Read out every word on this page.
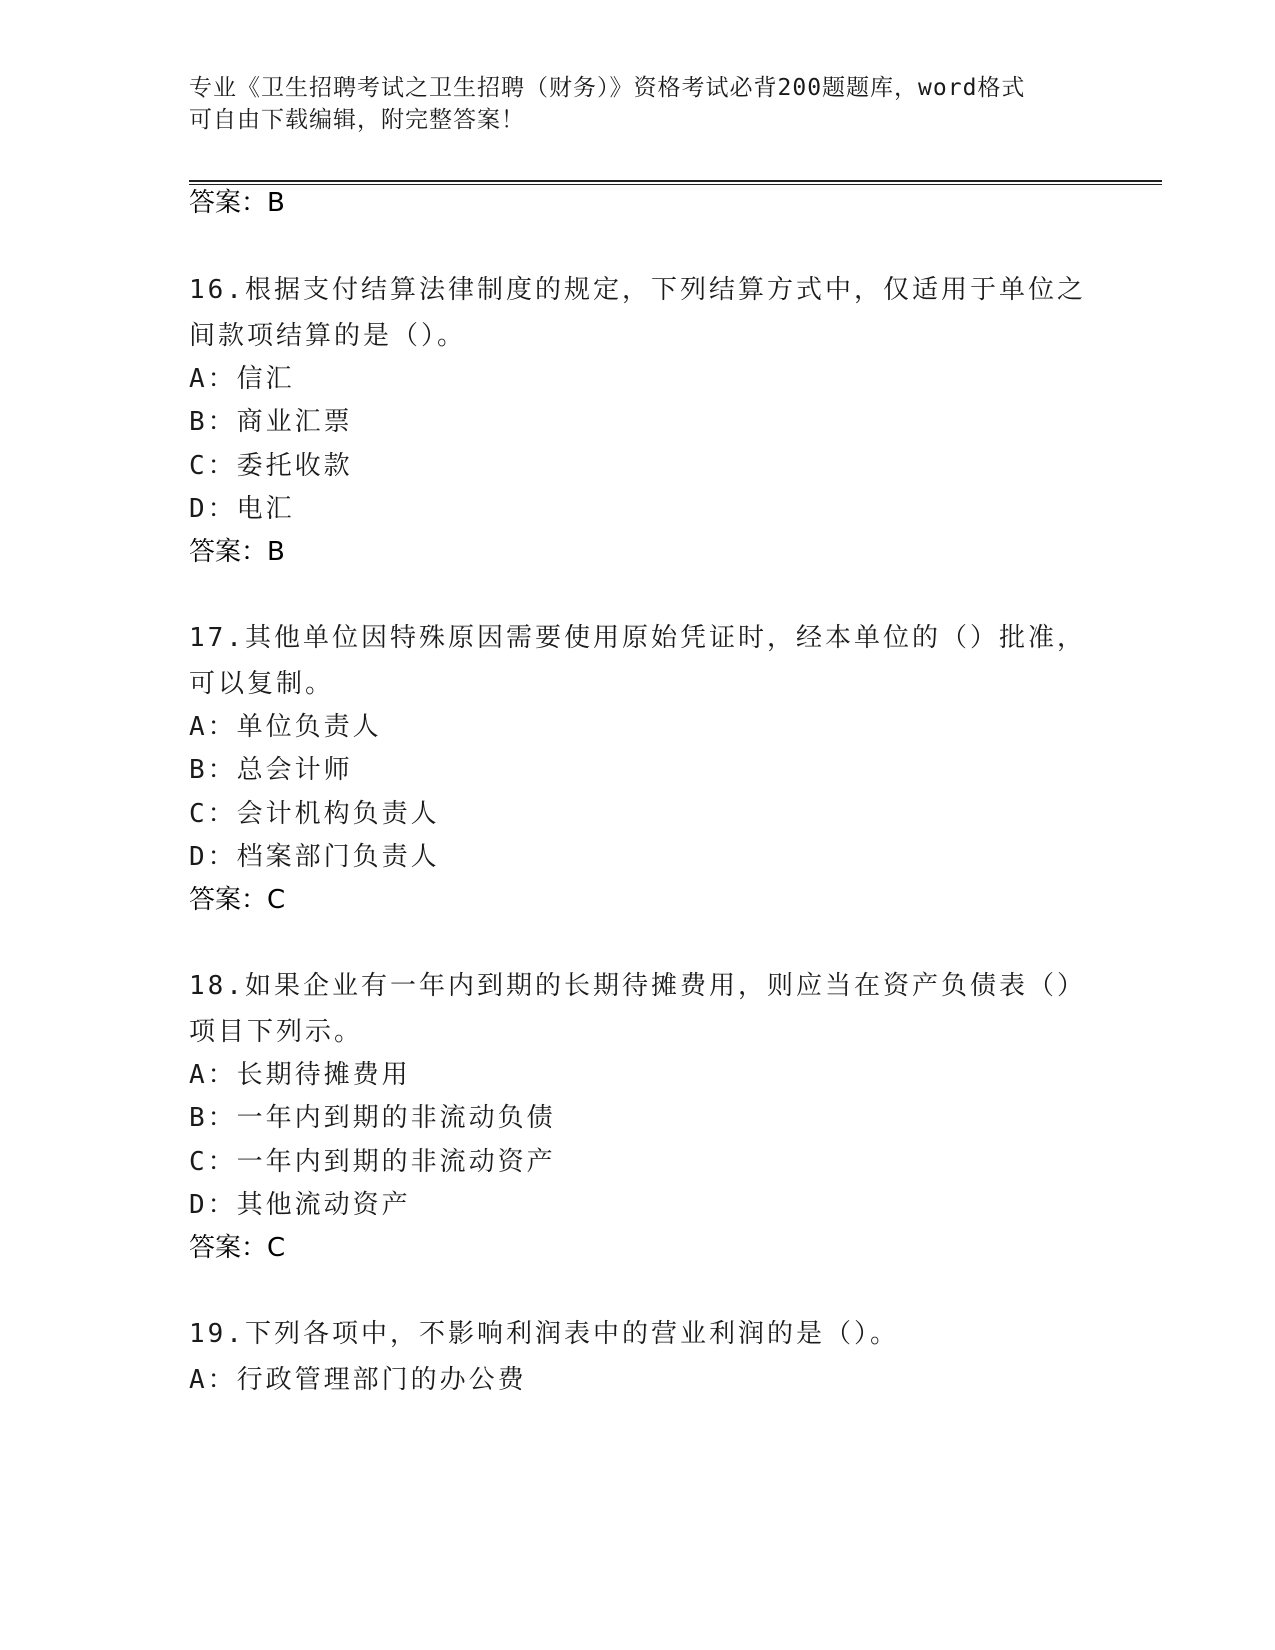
专业《卫生招聘考试之卫生招聘（财务）》资格考试必背200题题库，word格式
可自由下载编辑，附完整答案！
答案：B
16.根据支付结算法律制度的规定，下列结算方式中，仅适用于单位之间款项结算的是（）。
A：信汇
B：商业汇票
C：委托收款
D：电汇
答案：B
17.其他单位因特殊原因需要使用原始凭证时，经本单位的（）批准，可以复制。
A：单位负责人
B：总会计师
C：会计机构负责人
D：档案部门负责人
答案：C
18.如果企业有一年内到期的长期待摊费用，则应当在资产负债表（）项目下列示。
A：长期待摊费用
B：一年内到期的非流动负债
C：一年内到期的非流动资产
D：其他流动资产
答案：C
19.下列各项中，不影响利润表中的营业利润的是（）。
A：行政管理部门的办公费
